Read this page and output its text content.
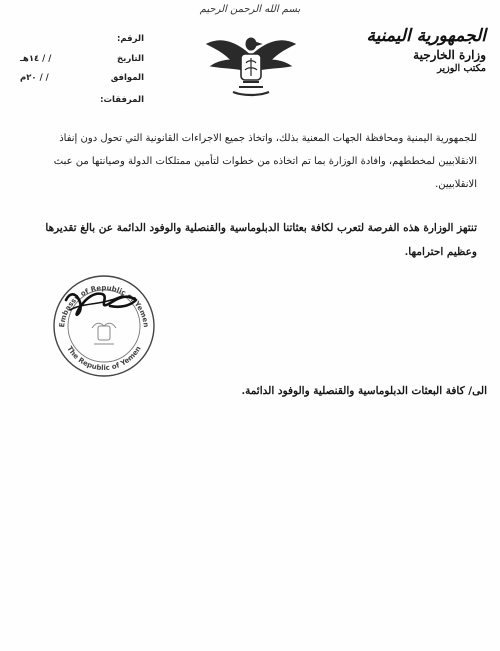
بسم الله الرحمن الرحيم
الرقم:
التاريخ
/ / ١٤هـ
الموافق
/ / ٢٠م
المرفقات:
الجمهورية اليمنية
وزارة الخارجية
مكتب الوزير
للجمهورية اليمنية ومحافظة الجهات المعنية بذلك، واتخاذ جميع الاجراءات القانونية التي تحول دون إنفاذ الانقلابيين لمخططهم، وافادة الوزارة بما تم اتخاذه من خطوات لتأمين ممتلكات الدولة وصيانتها من عبث الانقلابيين.
تنتهز الوزارة هذه الفرصة لتعرب لكافة بعثاتنا الدبلوماسية والقنصلية والوفود الدائمة عن بالغ تقديرها وعظيم احترامها.
Embassy of Republic of Yemen
The Republic of Yemen
الى/ كافة البعثات الدبلوماسية والقنصلية والوفود الدائمة.
